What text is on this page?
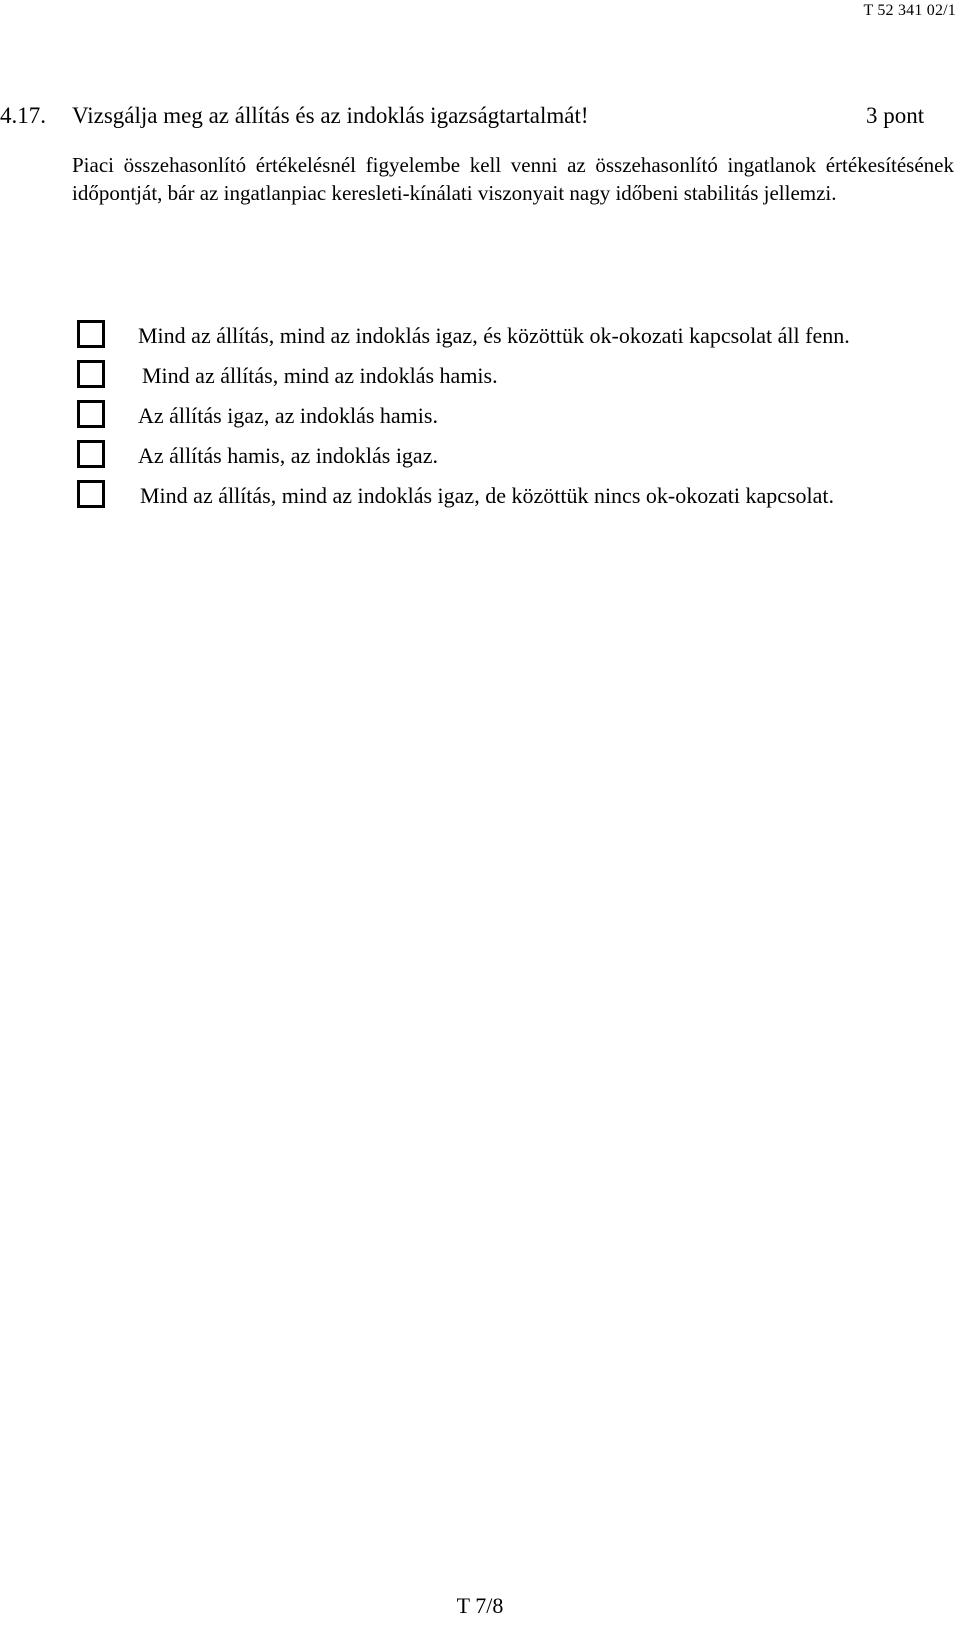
T 52 341 02/1
4.17. Vizsgálja meg az állítás és az indoklás igazságtartalmát!	3 pont
Piaci összehasonlító értékelésnél figyelembe kell venni az összehasonlító ingatlanok értékesítésének időpontját, bár az ingatlanpiac keresleti-kínálati viszonyait nagy időbeni stabilitás jellemzi.
Mind az állítás, mind az indoklás igaz, és közöttük ok-okozati kapcsolat áll fenn.
Mind az állítás, mind az indoklás hamis.
Az állítás igaz, az indoklás hamis.
Az állítás hamis, az indoklás igaz.
Mind az állítás, mind az indoklás igaz, de közöttük nincs ok-okozati kapcsolat.
T 7/8
